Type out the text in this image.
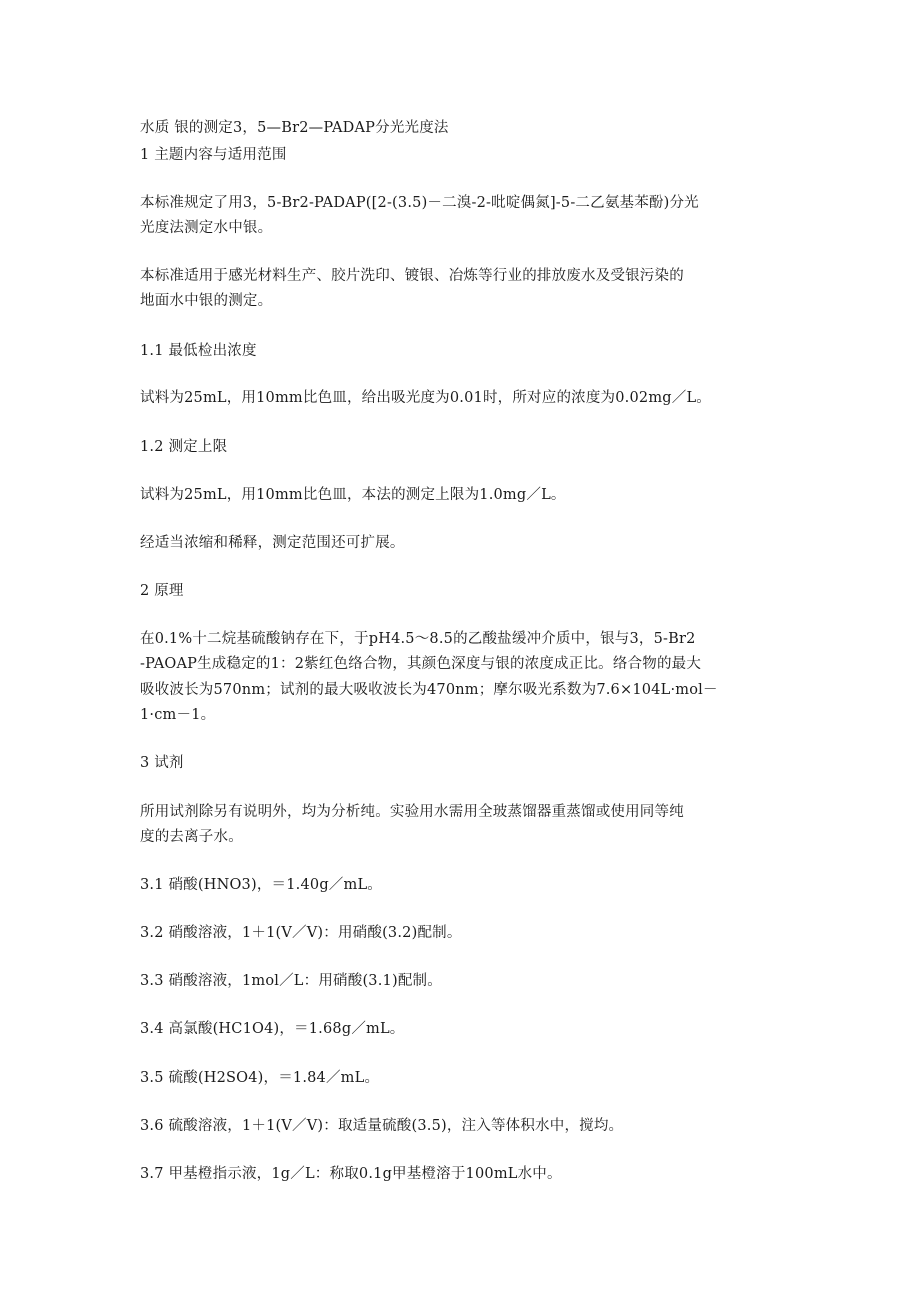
水质 银的测定3，5—Br2—PADAP分光光度法
1 主题内容与适用范围
本标准规定了用3，5-Br2-PADAP([2-(3.5)－二溴-2-吡啶偶氮]-5-二乙氨基苯酚)分光
光度法测定水中银。
本标准适用于感光材料生产、胶片洗印、镀银、冶炼等行业的排放废水及受银污染的
地面水中银的测定。
1.1 最低检出浓度
试料为25mL，用10mm比色皿，给出吸光度为0.01时，所对应的浓度为0.02mg／L。
1.2 测定上限
试料为25mL，用10mm比色皿，本法的测定上限为1.0mg／L。
经适当浓缩和稀释，测定范围还可扩展。
2 原理
在0.1%十二烷基硫酸钠存在下，于pH4.5～8.5的乙酸盐缓冲介质中，银与3，5-Br2
-PAOAP生成稳定的1：2紫红色络合物，其颜色深度与银的浓度成正比。络合物的最大
吸收波长为570nm；试剂的最大吸收波长为470nm；摩尔吸光系数为7.6×104L·mol－
1·cm－1。
3 试剂
所用试剂除另有说明外，均为分析纯。实验用水需用全玻蒸馏器重蒸馏或使用同等纯
度的去离子水。
3.1 硝酸(HNO3)，＝1.40g／mL。
3.2 硝酸溶液，1＋1(V／V)：用硝酸(3.2)配制。
3.3 硝酸溶液，1mol／L：用硝酸(3.1)配制。
3.4 高氯酸(HC1O4)，＝1.68g／mL。
3.5 硫酸(H2SO4)，＝1.84／mL。
3.6 硫酸溶液，1＋1(V／V)：取适量硫酸(3.5)，注入等体积水中，搅均。
3.7 甲基橙指示液，1g／L：称取0.1g甲基橙溶于100mL水中。
